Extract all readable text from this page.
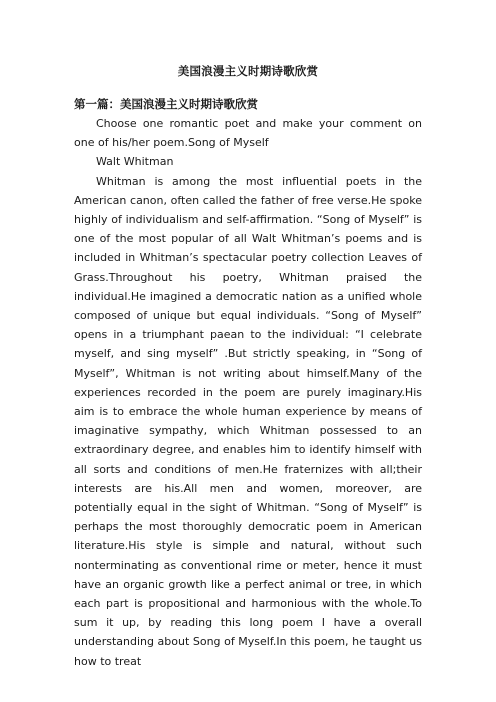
美国浪漫主义时期诗歌欣赏
第一篇：美国浪漫主义时期诗歌欣赏

Choose one romantic poet and make your comment on one of his/her poem.Song of Myself

Walt Whitman

Whitman is among the most influential poets in the American canon, often called the father of free verse.He spoke highly of individualism and self-affirmation. “Song of Myself” is one of the most popular of all Walt Whitman’s poems and is included in Whitman’s spectacular poetry collection Leaves of Grass.Throughout his poetry, Whitman praised the individual.He imagined a democratic nation as a unified whole composed of unique but equal individuals. “Song of Myself” opens in a triumphant paean to the individual: “I celebrate myself, and sing myself” .But strictly speaking, in “Song of Myself”, Whitman is not writing about himself.Many of the experiences recorded in the poem are purely imaginary.His aim is to embrace the whole human experience by means of imaginative sympathy, which Whitman possessed to an extraordinary degree, and enables him to identify himself with all sorts and conditions of men.He fraternizes with all;their interests are his.All men and women, moreover, are potentially equal in the sight of Whitman. “Song of Myself” is perhaps the most thoroughly democratic poem in American literature.His style is simple and natural, without such nonterminating as conventional rime or meter, hence it must have an organic growth like a perfect animal or tree, in which each part is propositional and harmonious with the whole.To sum it up, by reading this long poem I have a overall understanding about Song of Myself.In this poem, he taught us how to treat
